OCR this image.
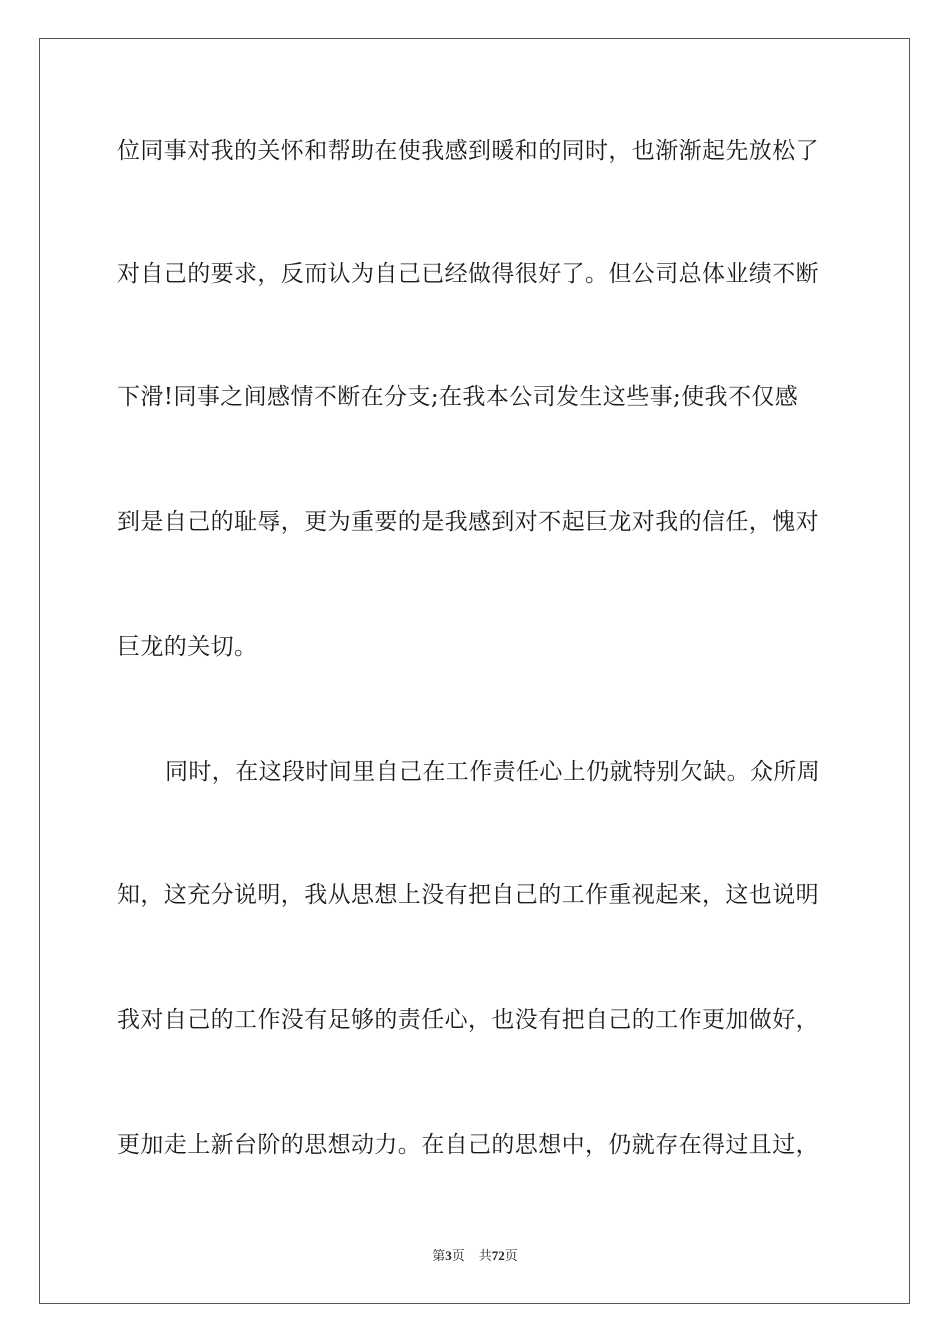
位同事对我的关怀和帮助在使我感到暖和的同时，也渐渐起先放松了
对自己的要求，反而认为自己已经做得很好了。但公司总体业绩不断
下滑!同事之间感情不断在分支;在我本公司发生这些事;使我不仅感
到是自己的耻辱，更为重要的是我感到对不起巨龙对我的信任，愧对
巨龙的关切。
同时，在这段时间里自己在工作责任心上仍就特别欠缺。众所周
知，这充分说明，我从思想上没有把自己的工作重视起来，这也说明
我对自己的工作没有足够的责任心，也没有把自己的工作更加做好，
更加走上新台阶的思想动力。在自己的思想中，仍就存在得过且过，
第3页 共72页
